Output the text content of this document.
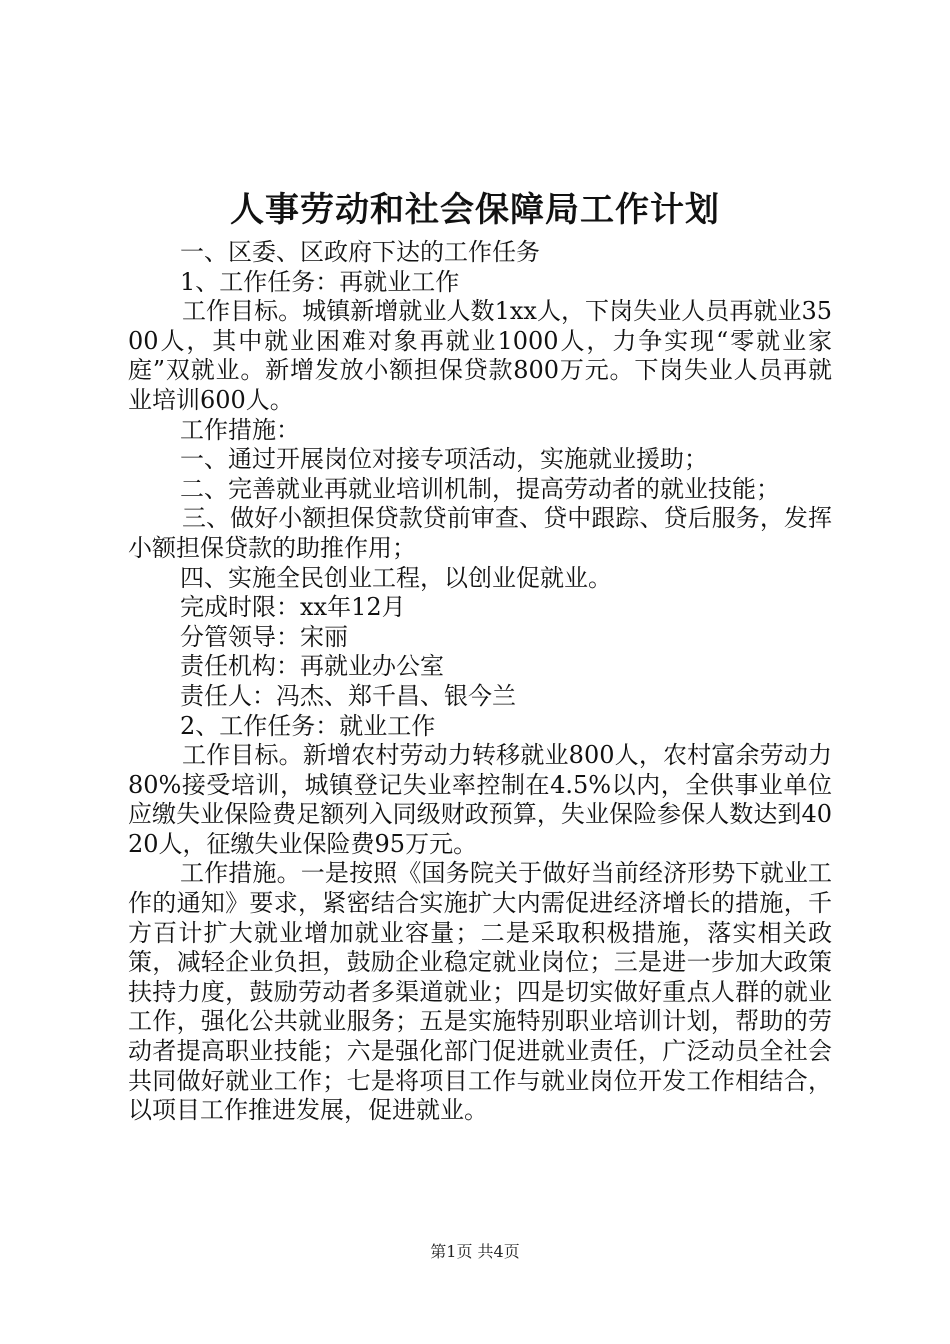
人事劳动和社会保障局工作计划

一、区委、区政府下达的工作任务

1、工作任务：再就业工作

工作目标。城镇新增就业人数1xx人，下岗失业人员再就业3500人，其中就业困难对象再就业1000人，力争实现“零就业家庭”双就业。新增发放小额担保贷款800万元。下岗失业人员再就业培训600人。

工作措施：

一、通过开展岗位对接专项活动，实施就业援助；

二、完善就业再就业培训机制，提高劳动者的就业技能；

三、做好小额担保贷款贷前审查、贷中跟踪、贷后服务，发挥小额担保贷款的助推作用；

四、实施全民创业工程，以创业促就业。

完成时限：xx年12月

分管领导：宋丽

责任机构：再就业办公室

责任人：冯杰、郑千昌、银今兰

2、工作任务：就业工作

工作目标。新增农村劳动力转移就业800人，农村富余劳动力80%接受培训，城镇登记失业率控制在4.5%以内，全供事业单位应缴失业保险费足额列入同级财政预算，失业保险参保人数达到4020人，征缴失业保险费95万元。

工作措施。一是按照《国务院关于做好当前经济形势下就业工作的通知》要求，紧密结合实施扩大内需促进经济增长的措施，千方百计扩大就业增加就业容量；二是采取积极措施，落实相关政策，减轻企业负担，鼓励企业稳定就业岗位；三是进一步加大政策扶持力度，鼓励劳动者多渠道就业；四是切实做好重点人群的就业工作，强化公共就业服务；五是实施特别职业培训计划，帮助的劳动者提高职业技能；六是强化部门促进就业责任，广泛动员全社会共同做好就业工作；七是将项目工作与就业岗位开发工作相结合，以项目工作推进发展，促进就业。

第1页 共4页
